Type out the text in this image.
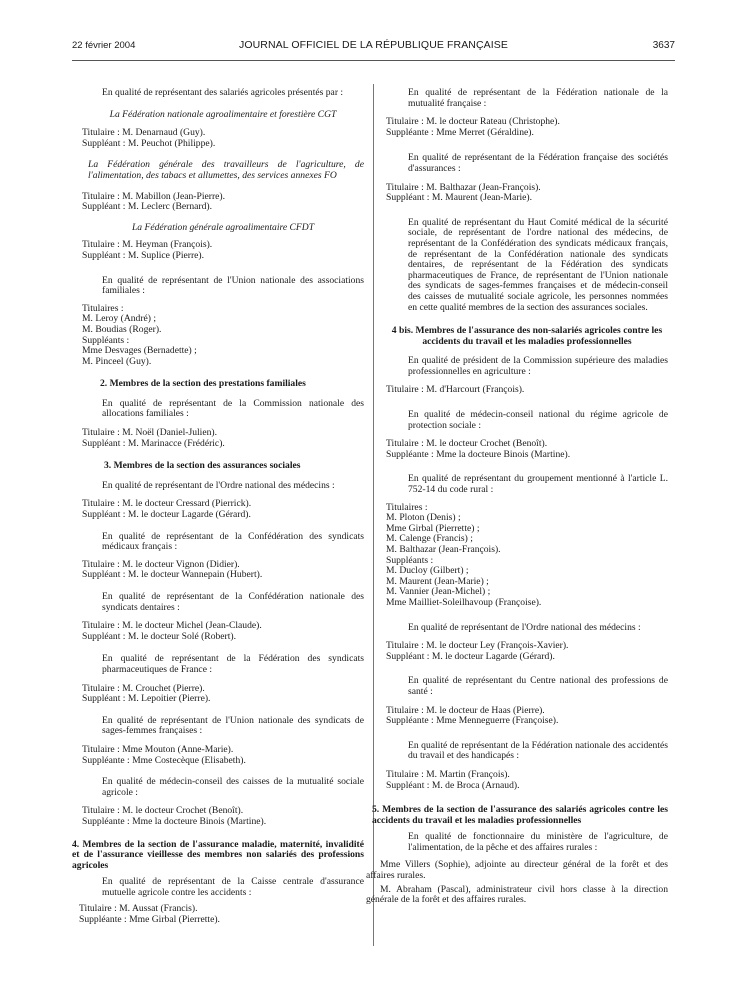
22 février 2004	JOURNAL OFFICIEL DE LA RÉPUBLIQUE FRANÇAISE	3637

En qualité de représentant des salariés agricoles présentés par :

La Fédération nationale agroalimentaire et forestière CGT

Titulaire : M. Denarnaud (Guy).

Suppléant : M. Peuchot (Philippe).

La Fédération générale des travailleurs de l'agriculture, de l'alimentation, des tabacs et allumettes, des services annexes FO

Titulaire : M. Mabillon (Jean-Pierre).

Suppléant : M. Leclerc (Bernard).

La Fédération générale agroalimentaire CFDT

Titulaire : M. Heyman (François).

Suppléant : M. Suplice (Pierre).

En qualité de représentant de l'Union nationale des associations familiales :

Titulaires :

M. Leroy (André) ;

M. Boudias (Roger).

Suppléants :

Mme Desvages (Bernadette) ;

M. Pinceel (Guy).

2. Membres de la section des prestations familiales

En qualité de représentant de la Commission nationale des allocations familiales :

Titulaire : M. Noël (Daniel-Julien).

Suppléant : M. Marinacce (Frédéric).

3. Membres de la section des assurances sociales

En qualité de représentant de l'Ordre national des médecins :

Titulaire : M. le docteur Cressard (Pierrick).

Suppléant : M. le docteur Lagarde (Gérard).

En qualité de représentant de la Confédération des syndicats médicaux français :

Titulaire : M. le docteur Vignon (Didier).

Suppléant : M. le docteur Wannepain (Hubert).

En qualité de représentant de la Confédération nationale des syndicats dentaires :

Titulaire : M. le docteur Michel (Jean-Claude).

Suppléant : M. le docteur Solé (Robert).

En qualité de représentant de la Fédération des syndicats pharmaceutiques de France :

Titulaire : M. Crouchet (Pierre).

Suppléant : M. Lepoitier (Pierre).

En qualité de représentant de l'Union nationale des syndicats de sages-femmes françaises :

Titulaire : Mme Mouton (Anne-Marie).

Suppléante : Mme Costecèque (Elisabeth).

En qualité de médecin-conseil des caisses de la mutualité sociale agricole :

Titulaire : M. le docteur Crochet (Benoît).

Suppléante : Mme la docteure Binois (Martine).

4. Membres de la section de l'assurance maladie, maternité, invalidité et de l'assurance vieillesse des membres non salariés des professions agricoles

En qualité de représentant de la Caisse centrale d'assurance mutuelle agricole contre les accidents :

Titulaire : M. Aussat (Francis).

Suppléante : Mme Girbal (Pierrette).

En qualité de représentant de la Fédération nationale de la mutualité française :

Titulaire : M. le docteur Rateau (Christophe).

Suppléante : Mme Merret (Géraldine).

En qualité de représentant de la Fédération française des sociétés d'assurances :

Titulaire : M. Balthazar (Jean-François).

Suppléant : M. Maurent (Jean-Marie).

En qualité de représentant du Haut Comité médical de la sécurité sociale, de représentant de l'ordre national des médecins, de représentant de la Confédération des syndicats médicaux français, de représentant de la Confédération nationale des syndicats dentaires, de représentant de la Fédération des syndicats pharmaceutiques de France, de représentant de l'Union nationale des syndicats de sages-femmes françaises et de médecin-conseil des caisses de mutualité sociale agricole, les personnes nommées en cette qualité membres de la section des assurances sociales.

4 bis. Membres de l'assurance des non-salariés agricoles contre les accidents du travail et les maladies professionnelles

En qualité de président de la Commission supérieure des maladies professionnelles en agriculture :

Titulaire : M. d'Harcourt (François).

En qualité de médecin-conseil national du régime agricole de protection sociale :

Titulaire : M. le docteur Crochet (Benoît).

Suppléante : Mme la docteure Binois (Martine).

En qualité de représentant du groupement mentionné à l'article L. 752-14 du code rural :

Titulaires :

M. Ploton (Denis) ;

Mme Girbal (Pierrette) ;

M. Calenge (Francis) ;

M. Balthazar (Jean-François).

Suppléants :

M. Ducloy (Gilbert) ;

M. Maurent (Jean-Marie) ;

M. Vannier (Jean-Michel) ;

Mme Mailliet-Soleilhavoup (Françoise).

En qualité de représentant de l'Ordre national des médecins :

Titulaire : M. le docteur Ley (François-Xavier).

Suppléant : M. le docteur Lagarde (Gérard).

En qualité de représentant du Centre national des professions de santé :

Titulaire : M. le docteur de Haas (Pierre).

Suppléante : Mme Menneguerre (Françoise).

En qualité de représentant de la Fédération nationale des accidentés du travail et des handicapés :

Titulaire : M. Martin (François).

Suppléant : M. de Broca (Arnaud).

5. Membres de la section de l'assurance des salariés agricoles contre les accidents du travail et les maladies professionnelles

En qualité de fonctionnaire du ministère de l'agriculture, de l'alimentation, de la pêche et des affaires rurales :

Mme Villers (Sophie), adjointe au directeur général de la forêt et des affaires rurales.

M. Abraham (Pascal), administrateur civil hors classe à la direction générale de la forêt et des affaires rurales.
